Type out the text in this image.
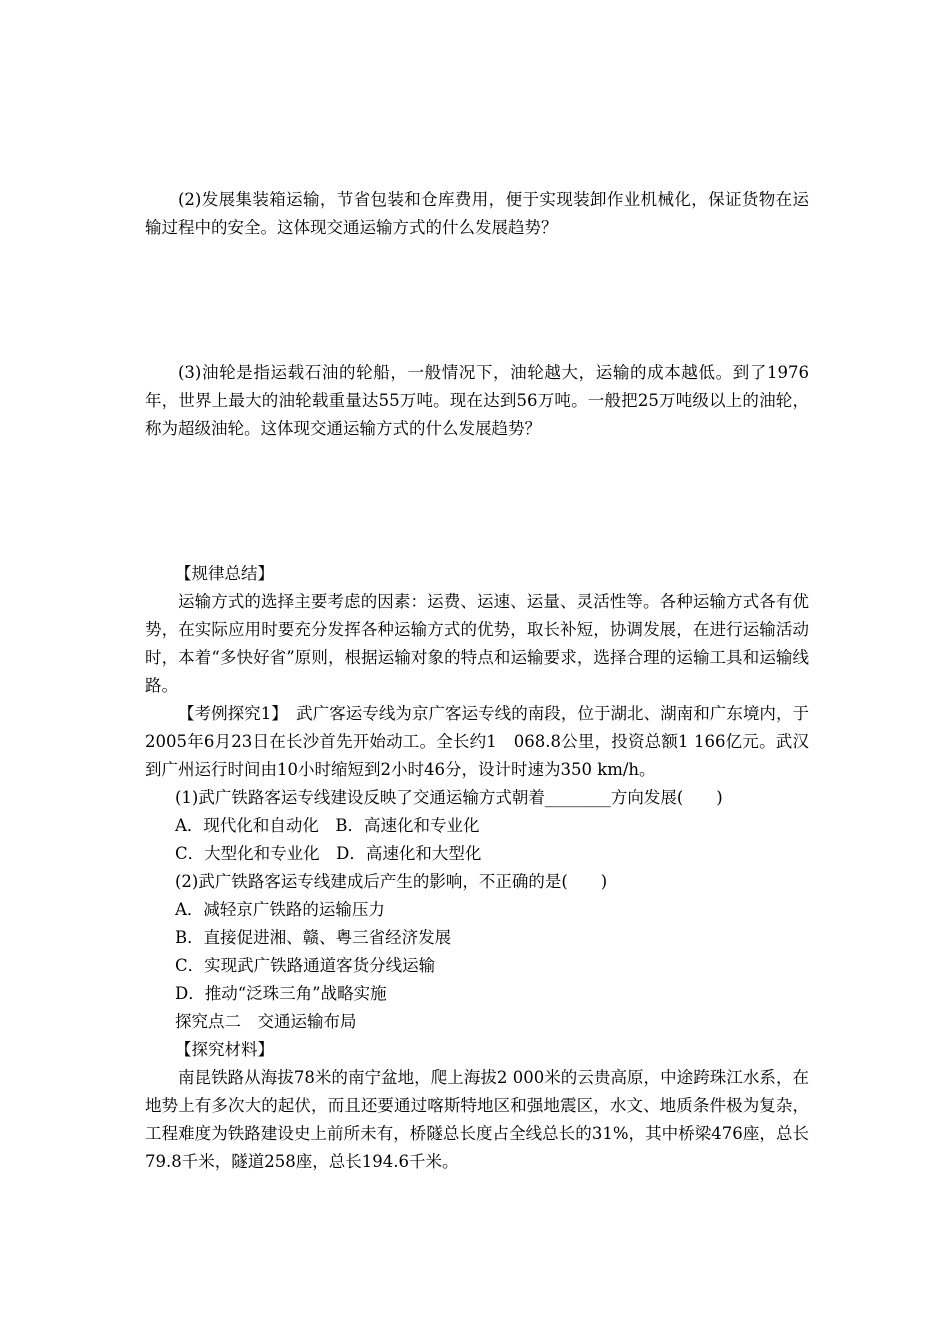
(2)发展集装箱运输，节省包装和仓库费用，便于实现装卸作业机械化，保证货物在运输过程中的安全。这体现交通运输方式的什么发展趋势？

(3)油轮是指运载石油的轮船，一般情况下，油轮越大，运输的成本越低。到了1976年，世界上最大的油轮载重量达55万吨。现在达到56万吨。一般把25万吨级以上的油轮，称为超级油轮。这体现交通运输方式的什么发展趋势？

【规律总结】

运输方式的选择主要考虑的因素：运费、运速、运量、灵活性等。各种运输方式各有优势，在实际应用时要充分发挥各种运输方式的优势，取长补短，协调发展，在进行运输活动时，本着“多快好省”原则，根据运输对象的特点和运输要求，选择合理的运输工具和运输线路。

【考例探究1】　武广客运专线为京广客运专线的南段，位于湖北、湖南和广东境内，于2005年6月23日在长沙首先开始动工。全长约1　068.8公里，投资总额1 166亿元。武汉到广州运行时间由10小时缩短到2小时46分，设计时速为350 km/h。

(1)武广铁路客运专线建设反映了交通运输方式朝着________方向发展(　　)

A．现代化和自动化　B．高速化和专业化

C．大型化和专业化　D．高速化和大型化

(2)武广铁路客运专线建成后产生的影响，不正确的是(　　)

A．减轻京广铁路的运输压力

B．直接促进湘、赣、粤三省经济发展

C．实现武广铁路通道客货分线运输

D．推动“泛珠三角”战略实施

探究点二　交通运输布局

【探究材料】

南昆铁路从海拔78米的南宁盆地，爬上海拔2 000米的云贵高原，中途跨珠江水系，在地势上有多次大的起伏，而且还要通过喀斯特地区和强地震区，水文、地质条件极为复杂，工程难度为铁路建设史上前所未有，桥隧总长度占全线总长的31%，其中桥梁476座，总长79.8千米，隧道258座，总长194.6千米。
